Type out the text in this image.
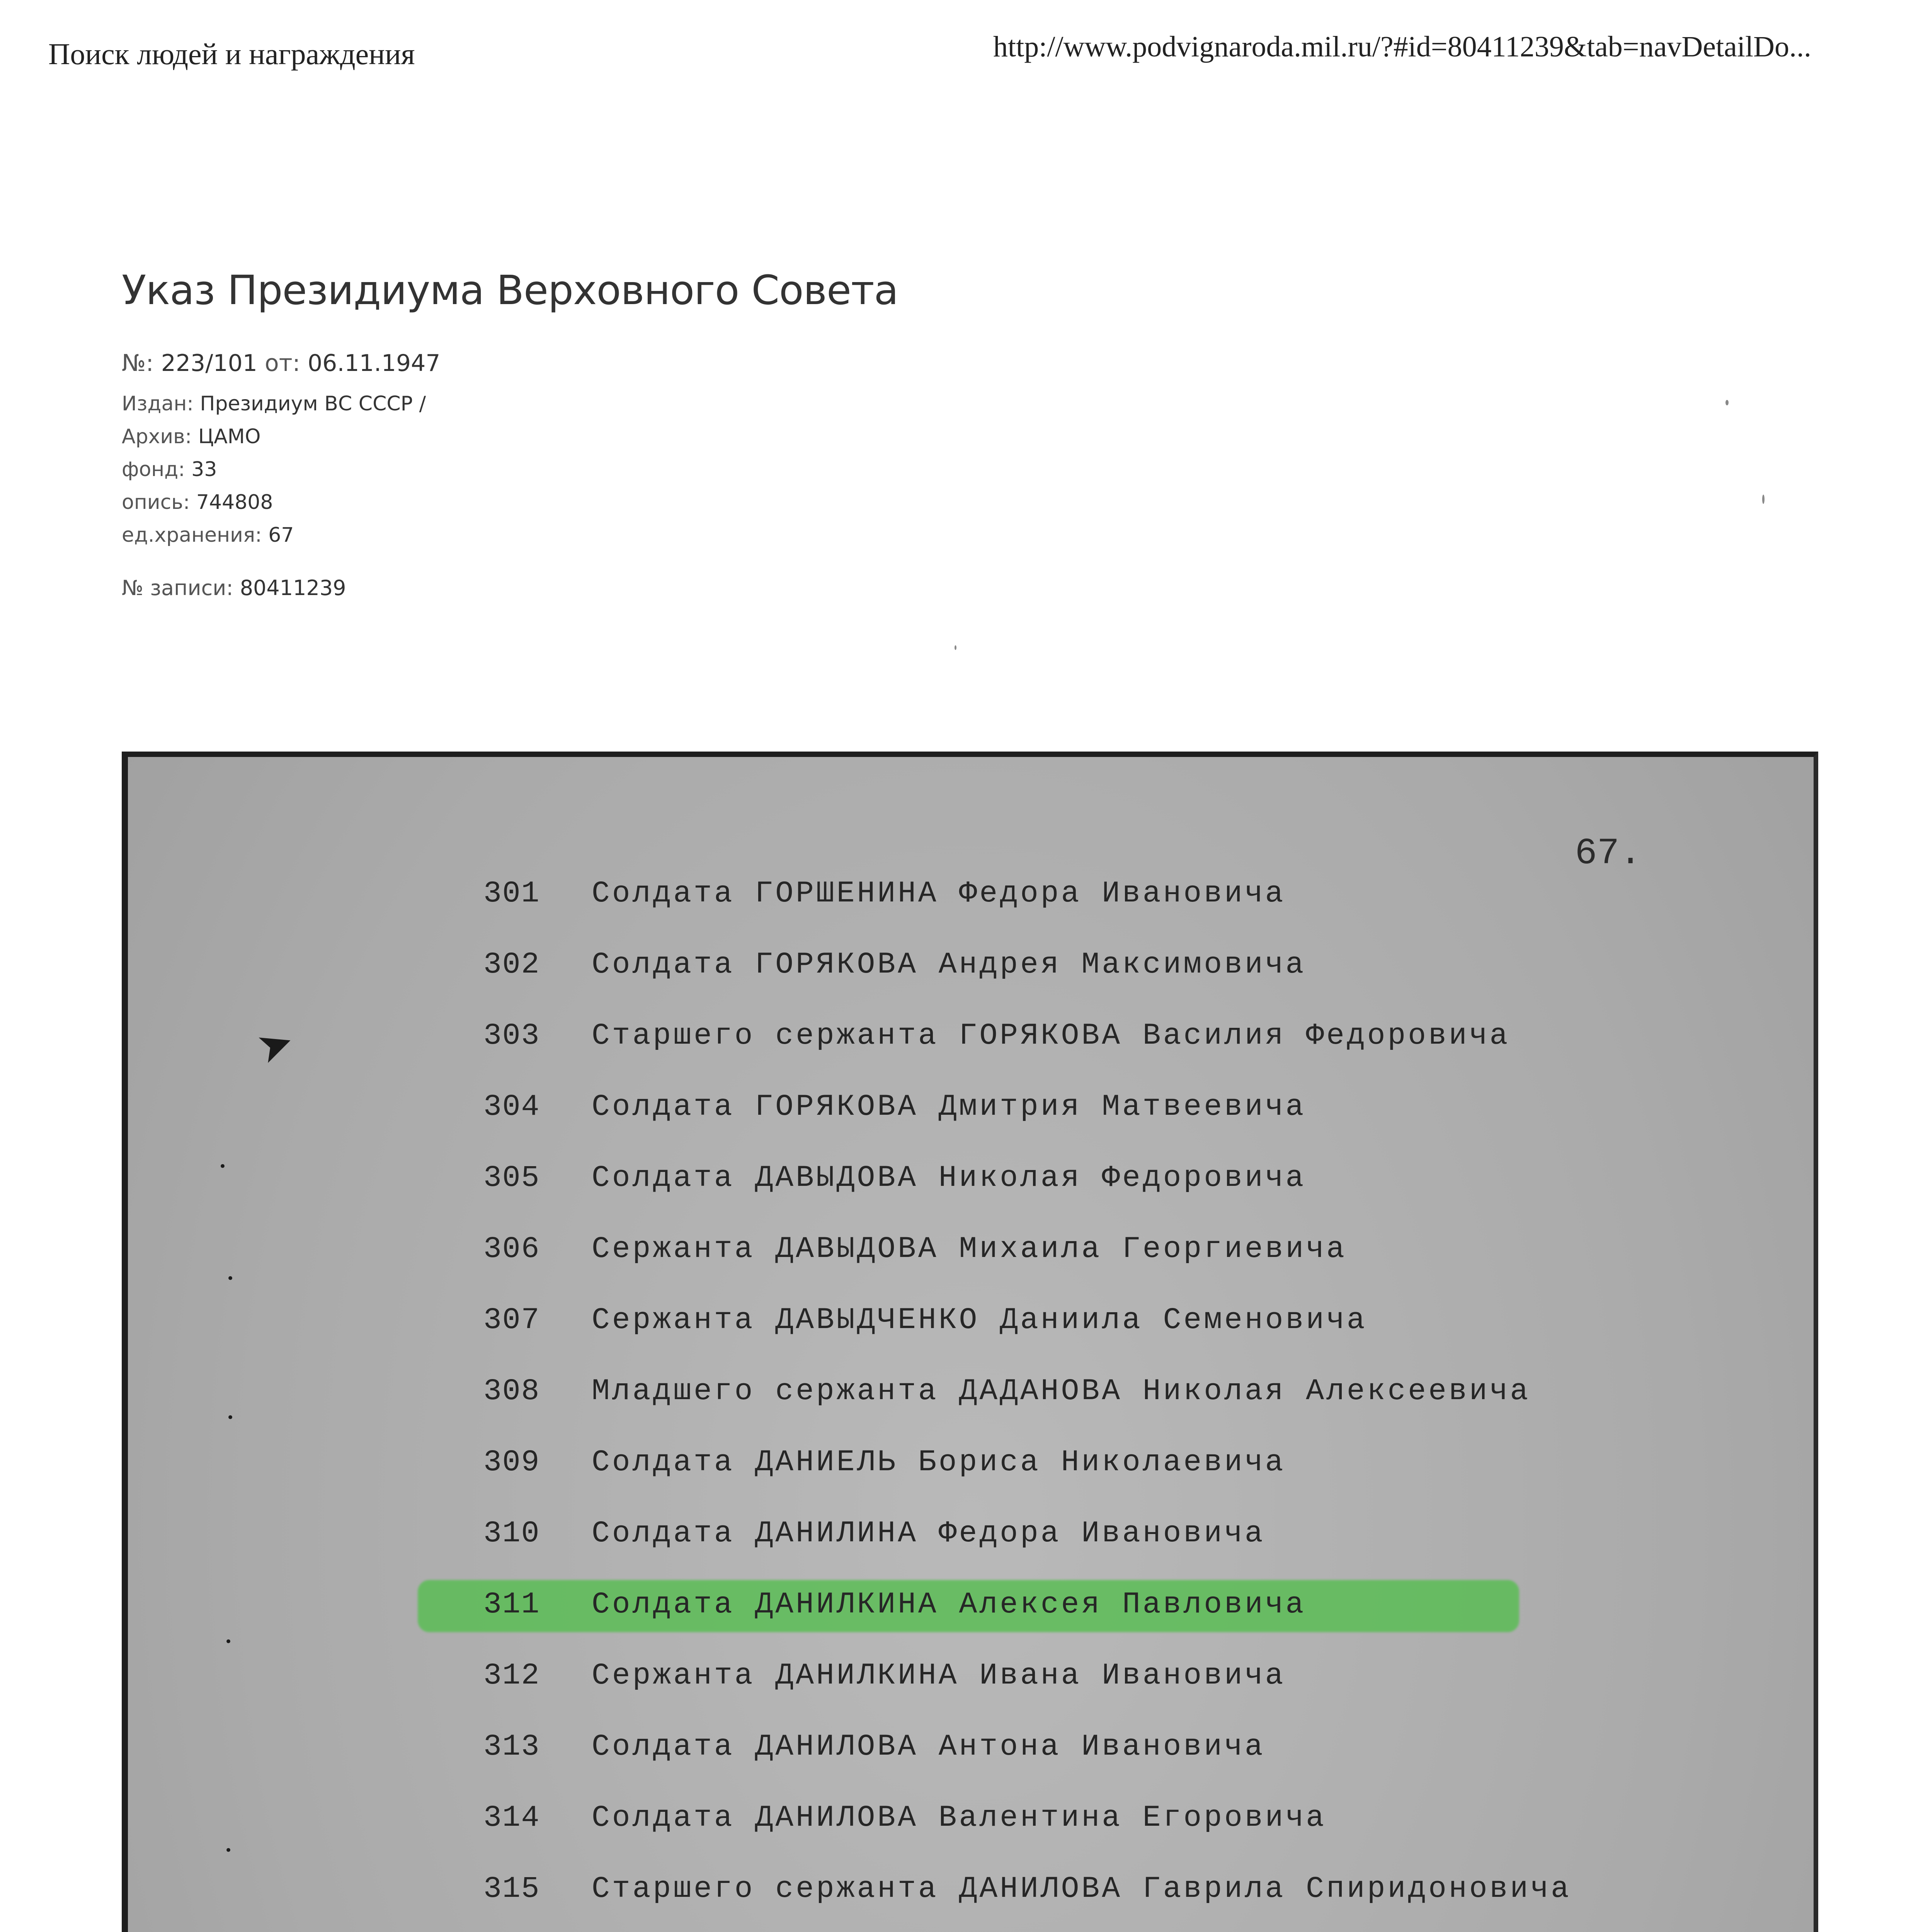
Поиск людей и награждения	http://www.podvignaroda.mil.ru/?#id=80411239&tab=navDetailDo...
Указ Президиума Верховного Совета
№: 223/101 от: 06.11.1947
Издан: Президиум ВС СССР /
Архив: ЦАМО
фонд: 33
опись: 744808
ед.хранения: 67
№ записи: 80411239
67.
301 Солдата ГОРШЕНИНА Федора Ивановича
302 Солдата ГОРЯКОВА Андрея Максимовича
303 Старшего сержанта ГОРЯКОВА Василия Федоровича
304 Солдата ГОРЯКОВА Дмитрия Матвеевича
305 Солдата ДАВЫДОВА Николая Федоровича
306 Сержанта ДАВЫДОВА Михаила Георгиевича
307 Сержанта ДАВЫДЧЕНКО Даниила Семеновича
308 Младшего сержанта ДАДАНОВА Николая Алексеевича
309 Солдата ДАНИЕЛЬ Бориса Николаевича
310 Солдата ДАНИЛИНА Федора Ивановича
311 Солдата ДАНИЛКИНА Алексея Павловича
312 Сержанта ДАНИЛКИНА Ивана Ивановича
313 Солдата ДАНИЛОВА Антона Ивановича
314 Солдата ДАНИЛОВА Валентина Егоровича
315 Старшего сержанта ДАНИЛОВА Гаврила Спиридоновича
➤
•
•
•
•
•
